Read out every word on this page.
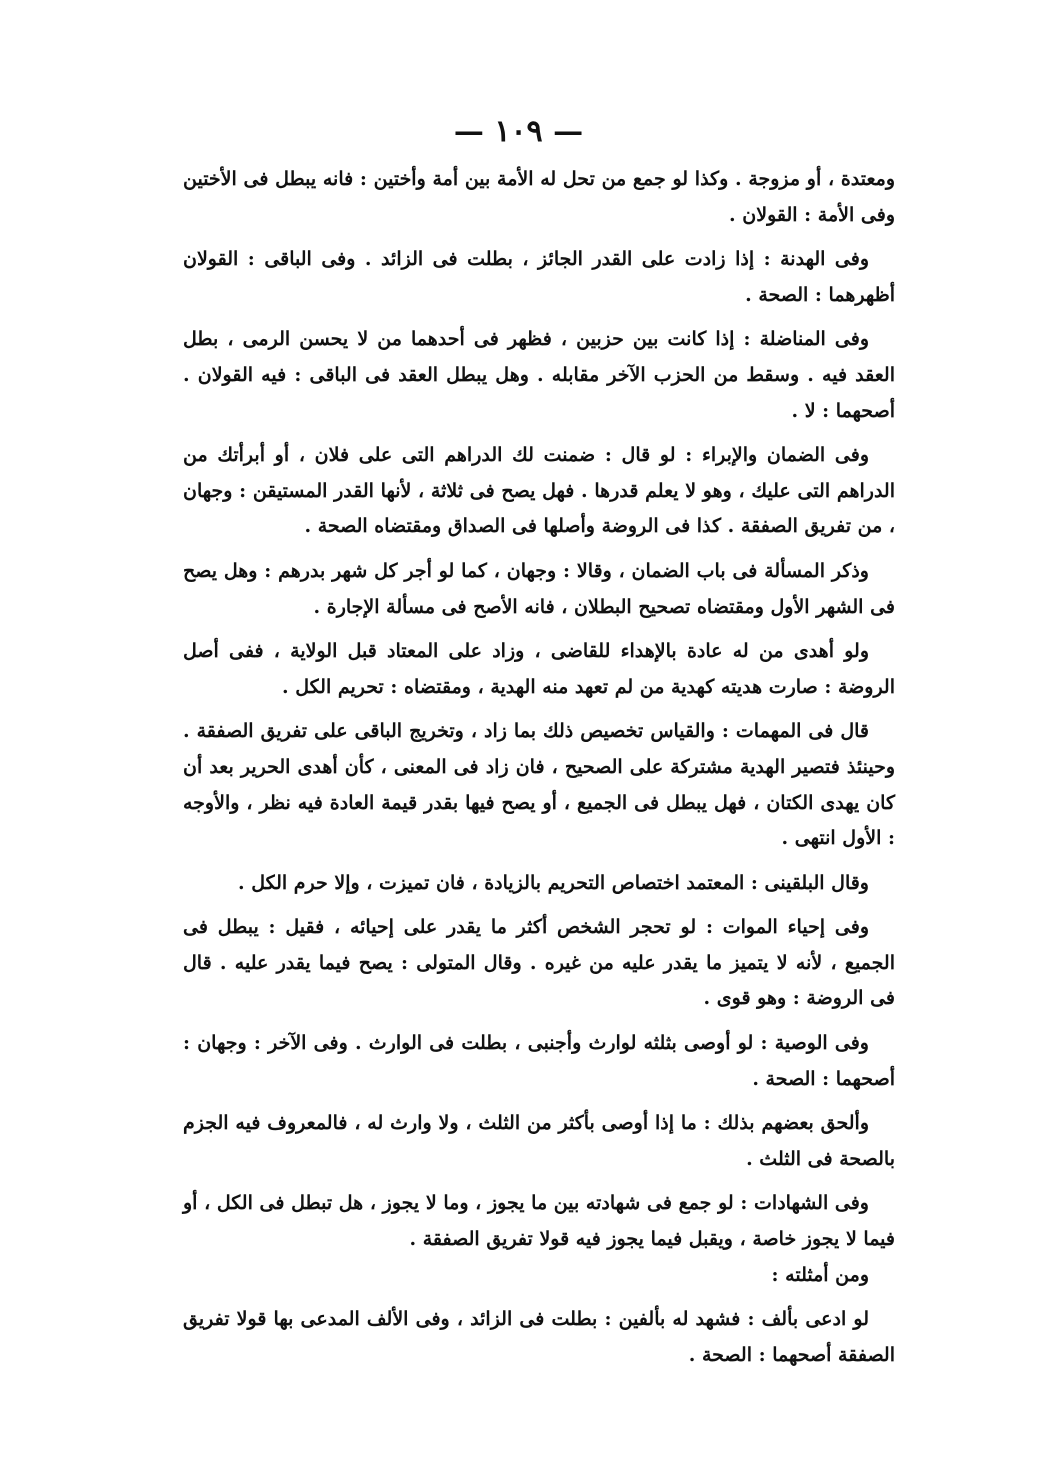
— ١٠٩ —

ومعتدة ، أو مزوجة . وكذا لو جمع من تحل له الأمة بين أمة وأختين : فانه يبطل فى الأختين وفى الأمة : القولان .

وفى الهدنة : إذا زادت على القدر الجائز ، بطلت فى الزائد . وفى الباقى : القولان أظهرهما : الصحة .

وفى المناضلة : إذا كانت بين حزبين ، فظهر فى أحدهما من لا يحسن الرمى ، بطل العقد فيه . وسقط من الحزب الآخر مقابله . وهل يبطل العقد فى الباقى : فيه القولان . أصحهما : لا .

وفى الضمان والإبراء : لو قال : ضمنت لك الدراهم التى على فلان ، أو أبرأتك من الدراهم التى عليك ، وهو لا يعلم قدرها . فهل يصح فى ثلاثة ، لأنها القدر المستيقن : وجهان ، من تفريق الصفقة . كذا فى الروضة وأصلها فى الصداق ومقتضاه الصحة .

وذكر المسألة فى باب الضمان ، وقالا : وجهان ، كما لو أجر كل شهر بدرهم : وهل يصح فى الشهر الأول ومقتضاه تصحيح البطلان ، فانه الأصح فى مسألة الإجارة .

ولو أهدى من له عادة بالإهداء للقاضى ، وزاد على المعتاد قبل الولاية ، ففى أصل الروضة : صارت هديته كهدية من لم تعهد منه الهدية ، ومقتضاه : تحريم الكل .

قال فى المهمات : والقياس تخصيص ذلك بما زاد ، وتخريج الباقى على تفريق الصفقة . وحينئذ فتصير الهدية مشتركة على الصحيح ، فان زاد فى المعنى ، كأن أهدى الحرير بعد أن كان يهدى الكتان ، فهل يبطل فى الجميع ، أو يصح فيها بقدر قيمة العادة فيه نظر ، والأوجه : الأول انتهى .

وقال البلقينى : المعتمد اختصاص التحريم بالزيادة ، فان تميزت ، وإلا حرم الكل .

وفى إحياء الموات : لو تحجر الشخص أكثر ما يقدر على إحيائه ، فقيل : يبطل فى الجميع ، لأنه لا يتميز ما يقدر عليه من غيره . وقال المتولى : يصح فيما يقدر عليه . قال فى الروضة : وهو قوى .

وفى الوصية : لو أوصى بثلثه لوارث وأجنبى ، بطلت فى الوارث . وفى الآخر : وجهان : أصحهما : الصحة .

وألحق بعضهم بذلك : ما إذا أوصى بأكثر من الثلث ، ولا وارث له ، فالمعروف فيه الجزم بالصحة فى الثلث .

وفى الشهادات : لو جمع فى شهادته بين ما يجوز ، وما لا يجوز ، هل تبطل فى الكل ، أو فيما لا يجوز خاصة ، ويقبل فيما يجوز فيه قولا تفريق الصفقة .

ومن أمثلته :

لو ادعى بألف : فشهد له بألفين : بطلت فى الزائد ، وفى الألف المدعى بها قولا تفريق الصفقة أصحهما : الصحة .
